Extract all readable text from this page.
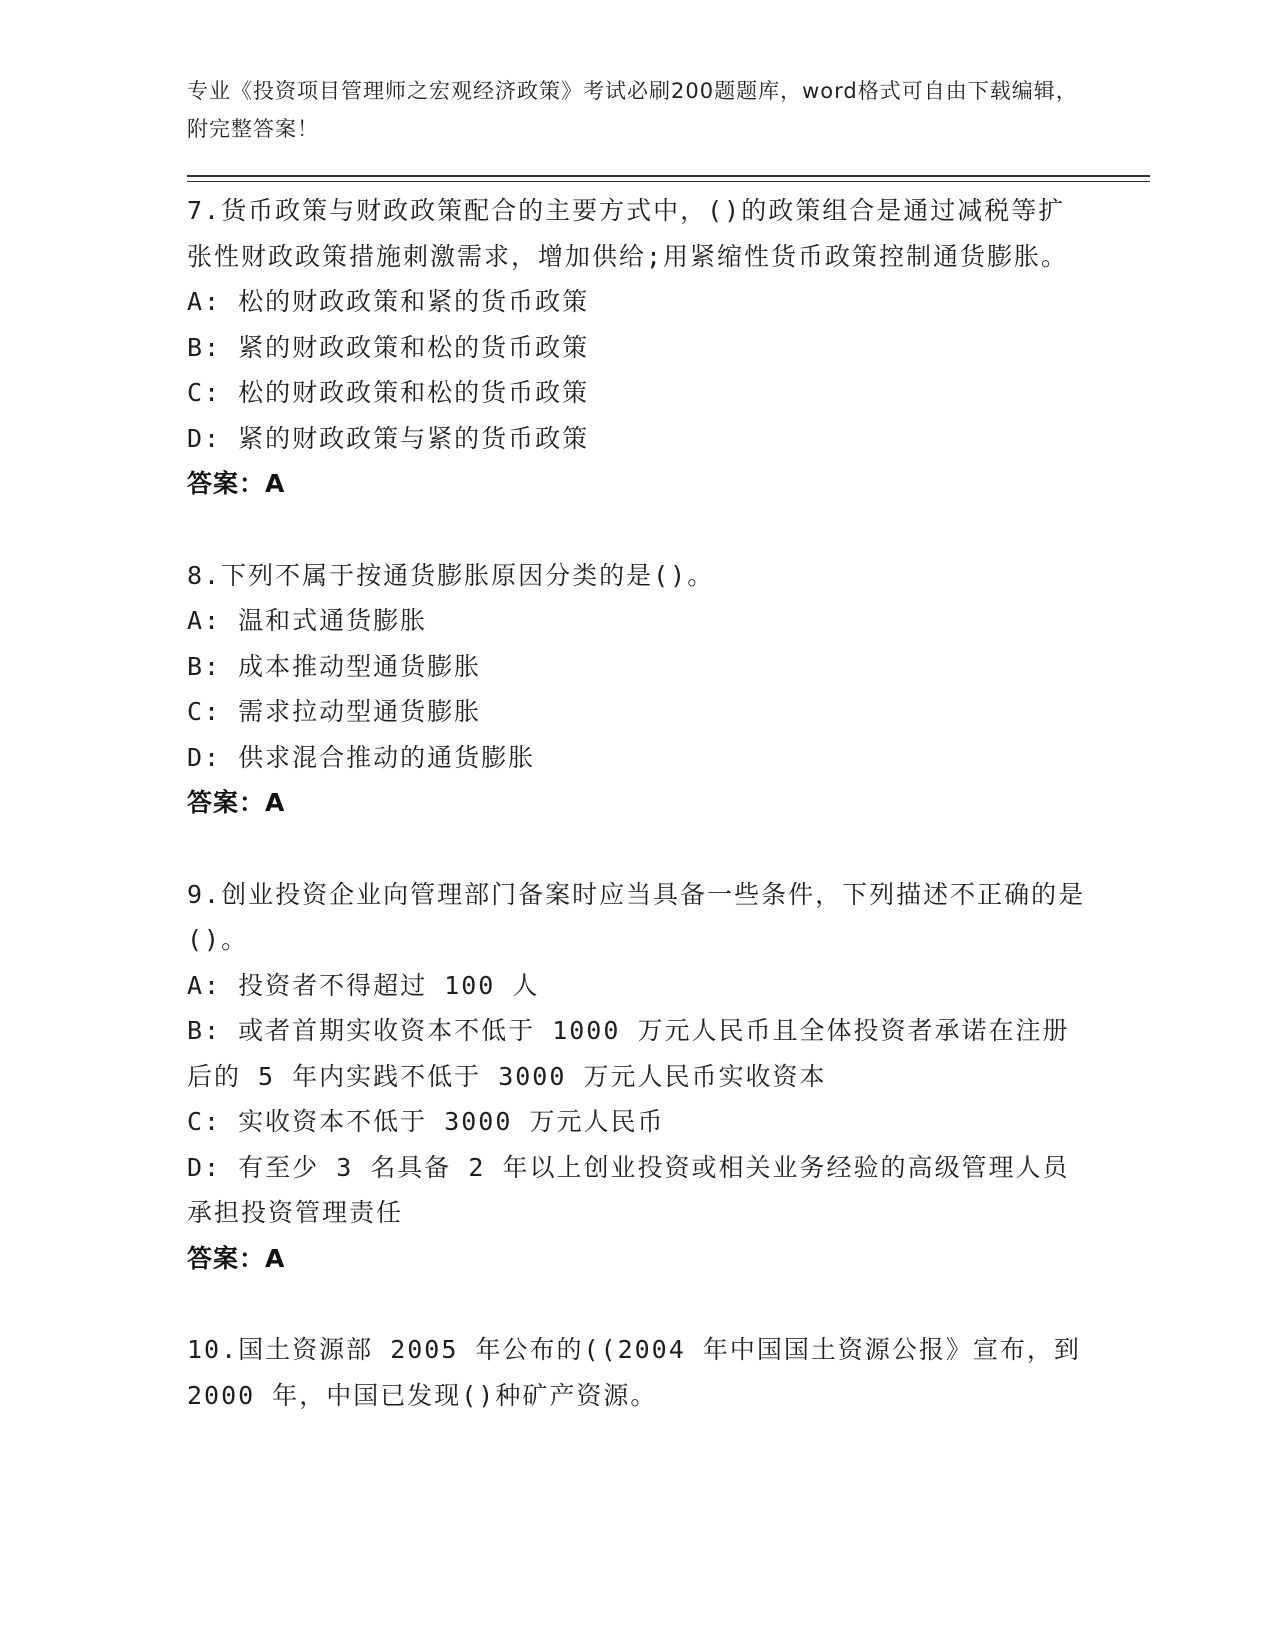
专业《投资项目管理师之宏观经济政策》考试必刷200题题库，word格式可自由下载编辑，附完整答案！
7.货币政策与财政政策配合的主要方式中，()的政策组合是通过减税等扩张性财政政策措施刺激需求，增加供给;用紧缩性货币政策控制通货膨胀。
A: 松的财政政策和紧的货币政策
B: 紧的财政政策和松的货币政策
C: 松的财政政策和松的货币政策
D: 紧的财政政策与紧的货币政策
答案：A
8.下列不属于按通货膨胀原因分类的是()。
A: 温和式通货膨胀
B: 成本推动型通货膨胀
C: 需求拉动型通货膨胀
D: 供求混合推动的通货膨胀
答案：A
9.创业投资企业向管理部门备案时应当具备一些条件，下列描述不正确的是()。
A: 投资者不得超过 100 人
B: 或者首期实收资本不低于 1000 万元人民币且全体投资者承诺在注册后的 5 年内实践不低于 3000 万元人民币实收资本
C: 实收资本不低于 3000 万元人民币
D: 有至少 3 名具备 2 年以上创业投资或相关业务经验的高级管理人员承担投资管理责任
答案：A
10.国土资源部 2005 年公布的((2004 年中国国土资源公报》宣布，到 2000 年，中国已发现()种矿产资源。
